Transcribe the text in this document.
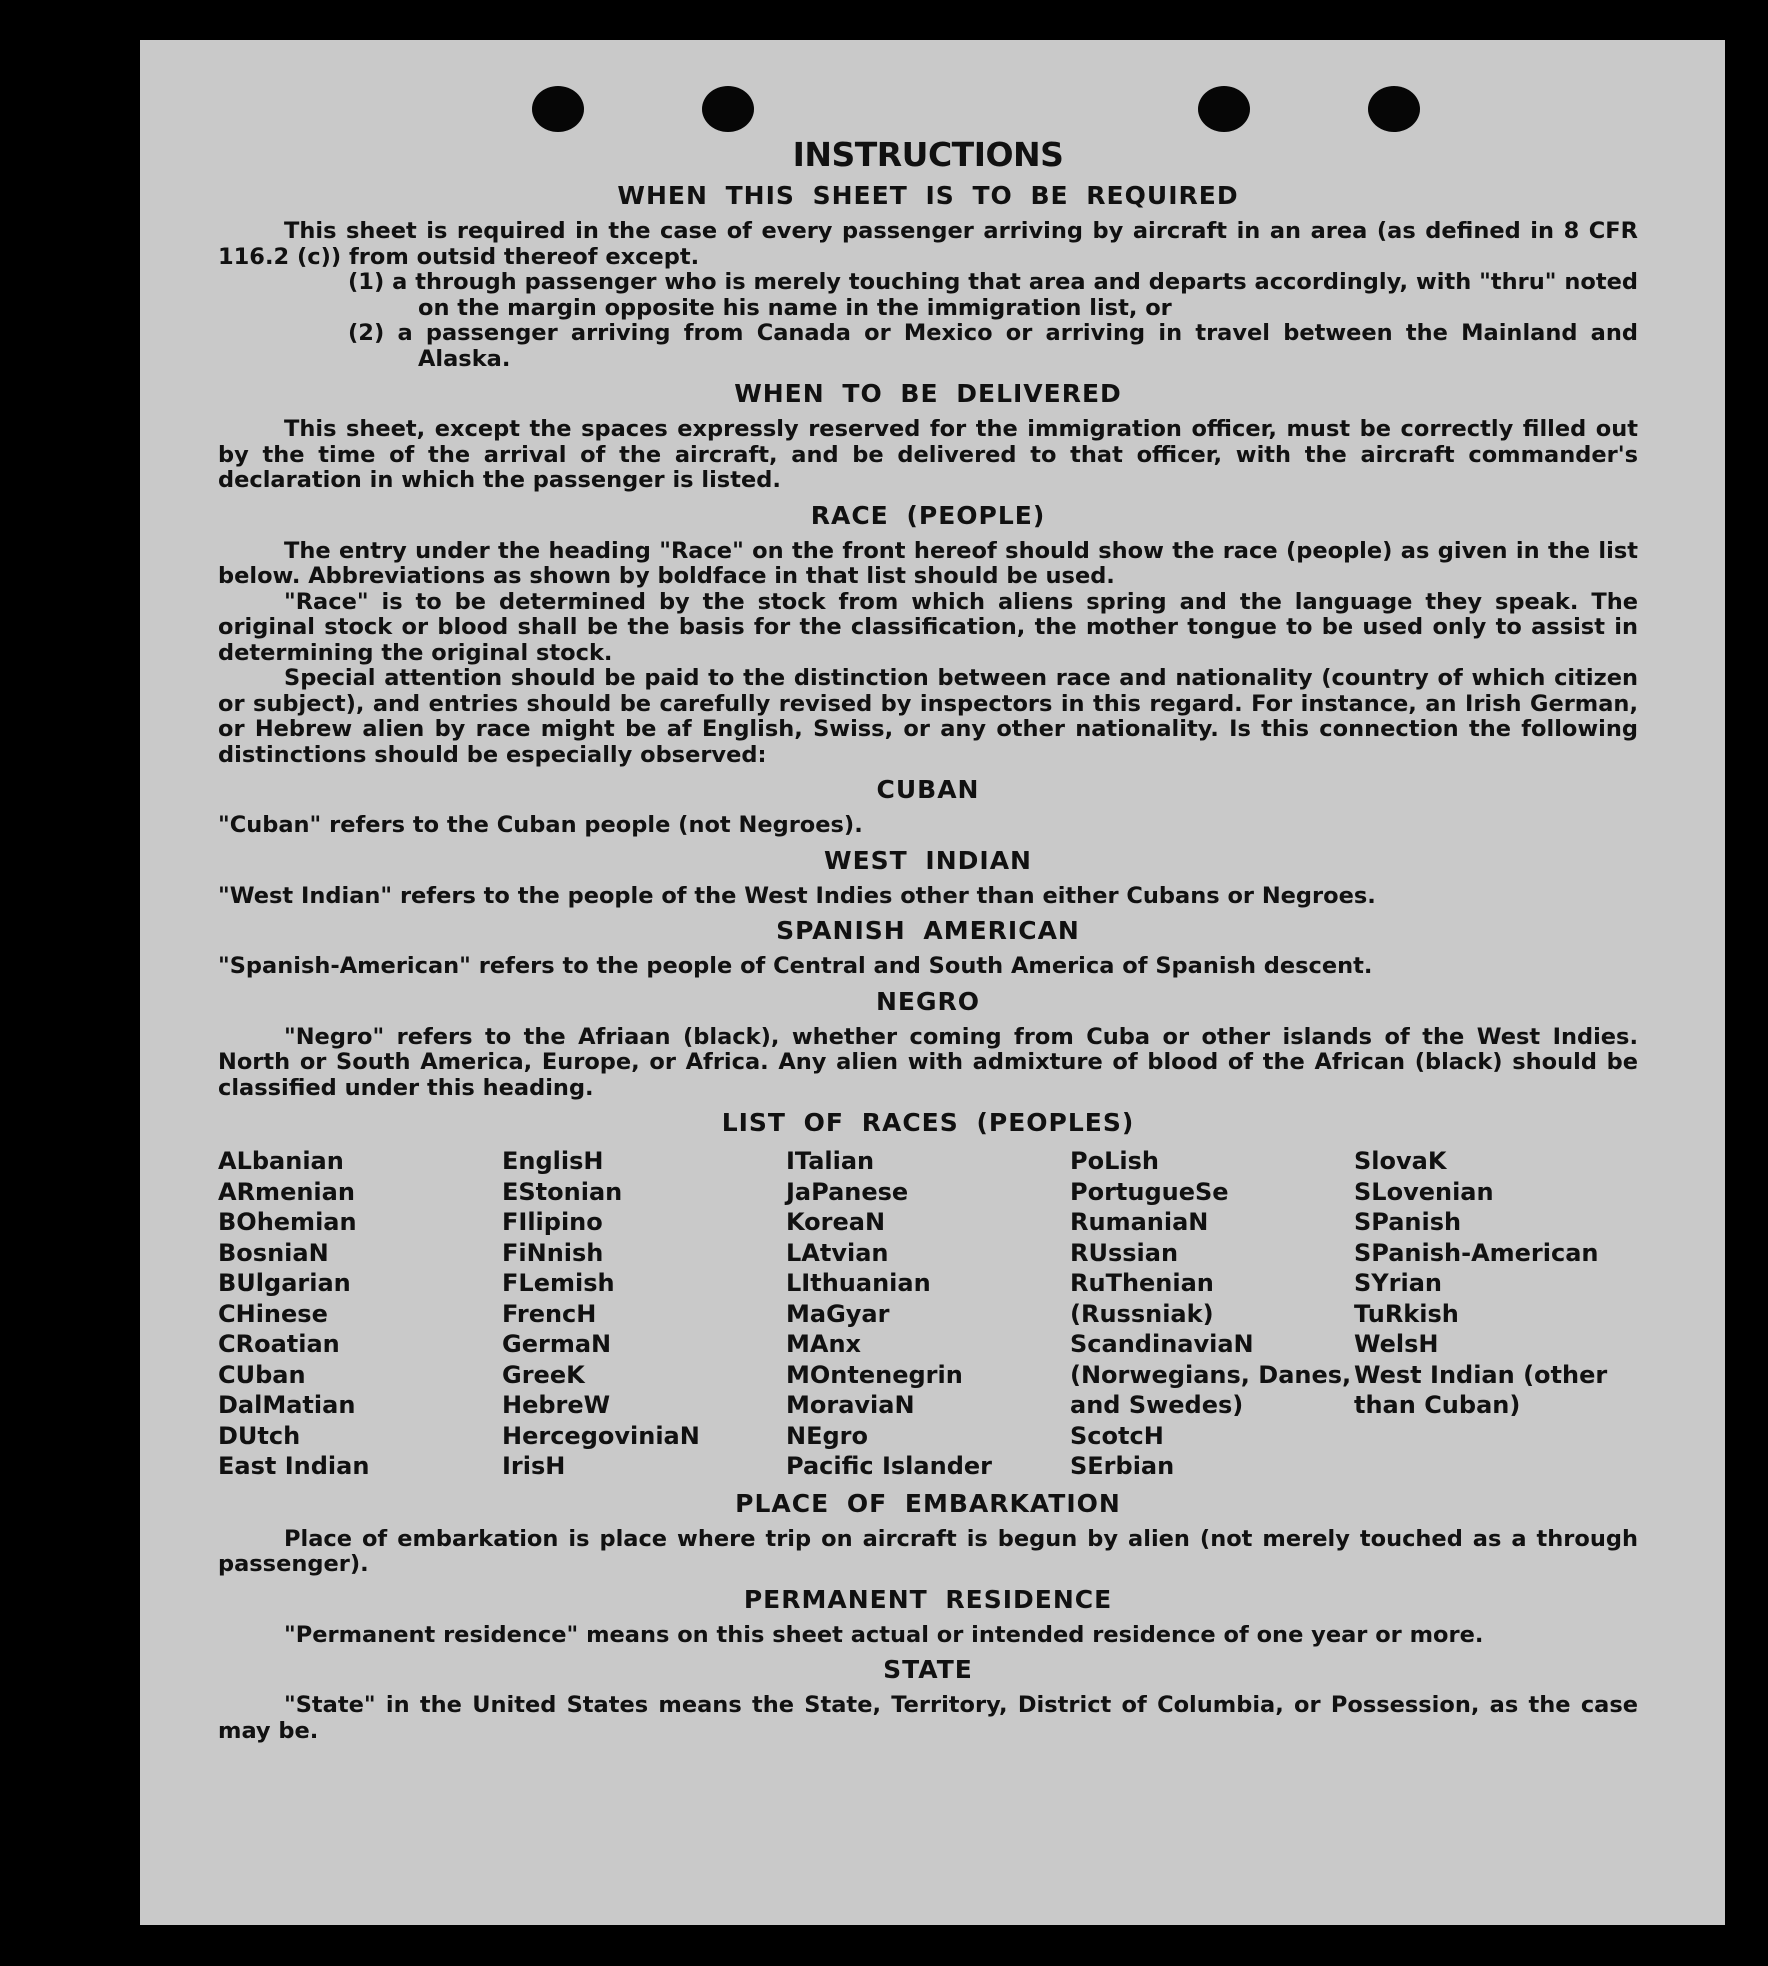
INSTRUCTIONS
WHEN THIS SHEET IS TO BE REQUIRED

This sheet is required in the case of every passenger arriving by aircraft in an area (as defined in 8 CFR 116.2 (c)) from outsid thereof except.

(1) a through passenger who is merely touching that area and departs accordingly, with "thru" noted on the margin opposite his name in the immigration list, or
(2) a passenger arriving from Canada or Mexico or arriving in travel between the Mainland and Alaska.
WHEN TO BE DELIVERED

This sheet, except the spaces expressly reserved for the immigration officer, must be correctly filled out by the time of the arrival of the aircraft, and be delivered to that officer, with the aircraft commander's declaration in which the passenger is listed.

RACE (PEOPLE)

The entry under the heading "Race" on the front hereof should show the race (people) as given in the list below. Abbreviations as shown by boldface in that list should be used.

"Race" is to be determined by the stock from which aliens spring and the language they speak. The original stock or blood shall be the basis for the classification, the mother tongue to be used only to assist in determining the original stock.

Special attention should be paid to the distinction between race and nationality (country of which citizen or subject), and entries should be carefully revised by inspectors in this regard. For instance, an Irish German, or Hebrew alien by race might be af English, Swiss, or any other nationality. Is this connection the following distinctions should be especially observed:

CUBAN

"Cuban" refers to the Cuban people (not Negroes).

WEST INDIAN

"West Indian" refers to the people of the West Indies other than either Cubans or Negroes.

SPANISH AMERICAN

"Spanish-American" refers to the people of Central and South America of Spanish descent.

NEGRO

"Negro" refers to the Afriaan (black), whether coming from Cuba or other islands of the West Indies. North or South America, Europe, or Africa. Any alien with admixture of blood of the African (black) should be classified under this heading.

LIST OF RACES (PEOPLES)
ALbanian
ARmenian
BOhemian
BosniaN
BUlgarian
CHinese
CRoatian
CUban
DalMatian
DUtch
East Indian
EnglisH
EStonian
FIlipino
FiNnish
FLemish
FrencH
GermaN
GreeK
HebreW
HercegoviniaN
IrisH
ITalian
JaPanese
KoreaN
LAtvian
LIthuanian
MaGyar
MAnx
MOntenegrin
MoraviaN
NEgro
Pacific Islander
PoLish
PortugueSe
RumaniaN
RUssian
RuThenian (Russniak)
ScandinaviaN (Norwegians, Danes, and Swedes)
ScotcH
SErbian
SlovaK
SLovenian
SPanish
SPanish-American
SYrian
TuRkish
WelsH
West Indian (other than Cuban)
PLACE OF EMBARKATION

Place of embarkation is place where trip on aircraft is begun by alien (not merely touched as a through passenger).

PERMANENT RESIDENCE

"Permanent residence" means on this sheet actual or intended residence of one year or more.

STATE

"State" in the United States means the State, Territory, District of Columbia, or Possession, as the case may be.
